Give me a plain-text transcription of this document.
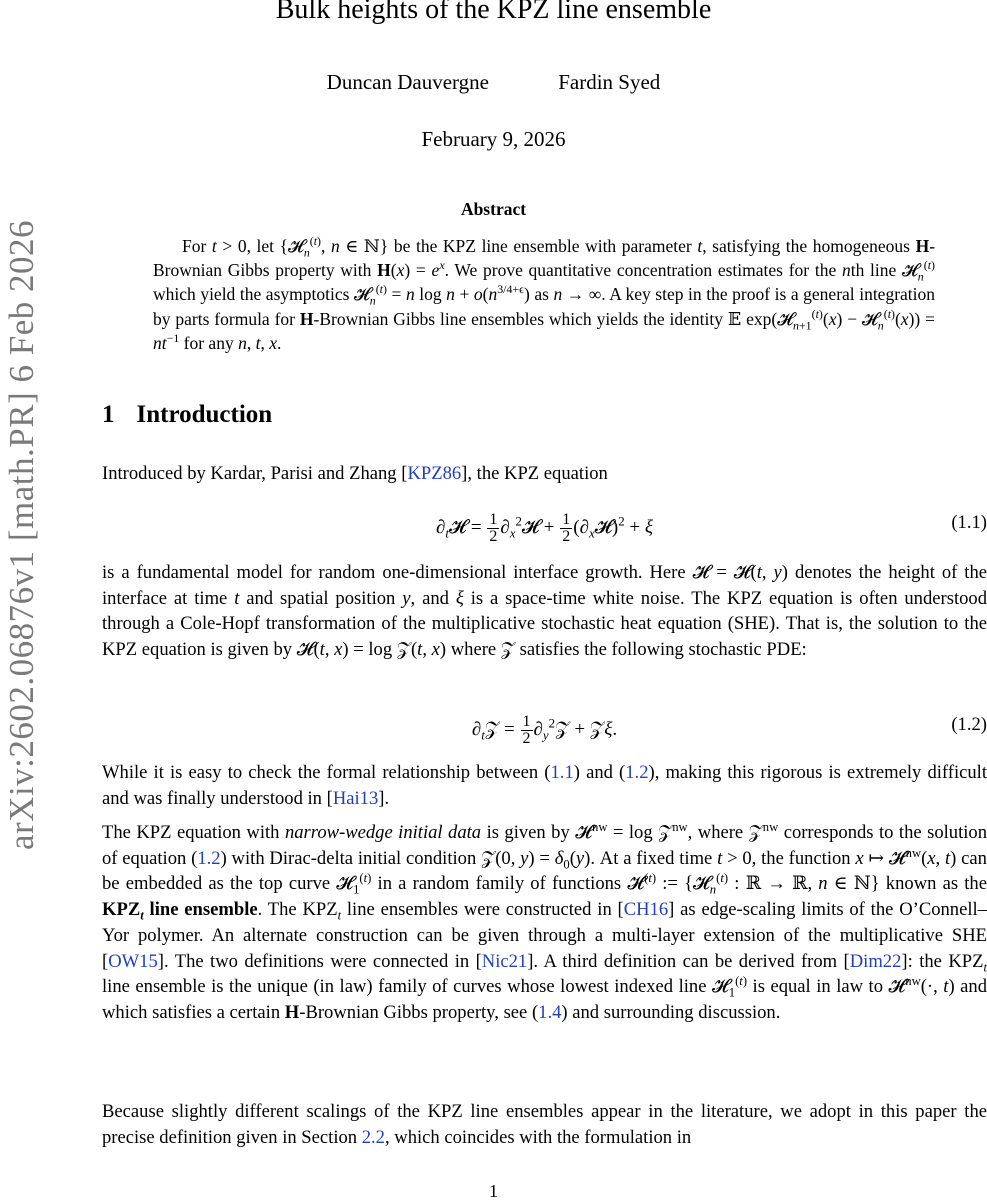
arXiv:2602.06876v1 [math.PR] 6 Feb 2026
Bulk heights of the KPZ line ensemble
Duncan Dauvergne	Fardin Syed
February 9, 2026
Abstract

For t > 0, let {𝓗$_n^{(t)}$, n ∈ ℕ} be the KPZ line ensemble with parameter t, satisfying the homogeneous H-Brownian Gibbs property with $H(x) = e^x$. We prove quantitative concentration estimates for the nth line 𝓗$_n^{(t)}$ which yield the asymptotics 𝓗$_n^{(t)}$ = n $\log n + o(n^{3/4+\epsilon})$ as n → ∞. A key step in the proof is a general integration by parts formula for H-Brownian Gibbs line ensembles which yields the identity 𝔼 exp(𝓗$_{n+1}^{(t)}$(x) − 𝓗$_n^{(t)}$(x)) = $nt^{-1}$ for any n, t, x.

1 Introduction

Introduced by Kardar, Parisi and Zhang [KPZ86], the KPZ equation

$\partial_t𝓗 = \frac{1}{2}$ $\partial_x^2𝓗 + \frac{1}{2}$ $(\partial_x𝓗)^2 + \xi$	(1.1)

is a fundamental model for random one-dimensional interface growth. Here 𝓗 = 𝓗(t, y) denotes the height of the interface at time t and spatial position y, and ξ is a space-time white noise. The KPZ equation is often understood through a Cole-Hopf transformation of the multiplicative stochastic heat equation (SHE). That is, the solution to the KPZ equation is given by 𝓗(t, x) = log 𝒵(t, x) where 𝒵 satisfies the following stochastic PDE:

$\partial_t𝒵 = \frac{1}{2}$ $\partial_y^2𝒵$ + 𝒵ξ.	(1.2)

While it is easy to check the formal relationship between (1.1) and (1.2), making this rigorous is extremely difficult and was finally understood in [Hai13].

The KPZ equation with narrow-wedge initial data is given by 𝓗$^{nw}$ = log 𝒵$^{nw}$, where 𝒵$^{nw}$ corresponds to the solution of equation (1.2) with Dirac-delta initial condition 𝒵(0, $y) = \delta_0(y)$. At a fixed time t > 0, the function x ↦ 𝓗$^{nw}$(x, t) can be embedded as the top curve 𝓗$_1^{(t)}$ in a random family of functions 𝓗$^{(t)}$ := {𝓗$_n^{(t)}$ : ℝ → ℝ, n ∈ ℕ} known as the $KPZ_t$ line ensemble. The $KPZ_t$ line ensembles were constructed in [CH16] as edge-scaling limits of the O’Connell–Yor polymer. An alternate construction can be given through a multi-layer extension of the multiplicative SHE [OW15]. The two definitions were connected in [Nic21]. A third definition can be derived from [Dim22]: the $KPZ_t$ line ensemble is the unique (in law) family of curves whose lowest indexed line 𝓗$_1^{(t)}$ is equal in law to 𝓗$^{nw}$(·, t) and which satisfies a certain H-Brownian Gibbs property, see (1.4) and surrounding discussion.

Because slightly different scalings of the KPZ line ensembles appear in the literature, we adopt in this paper the precise definition given in Section 2.2, which coincides with the formulation in

1
